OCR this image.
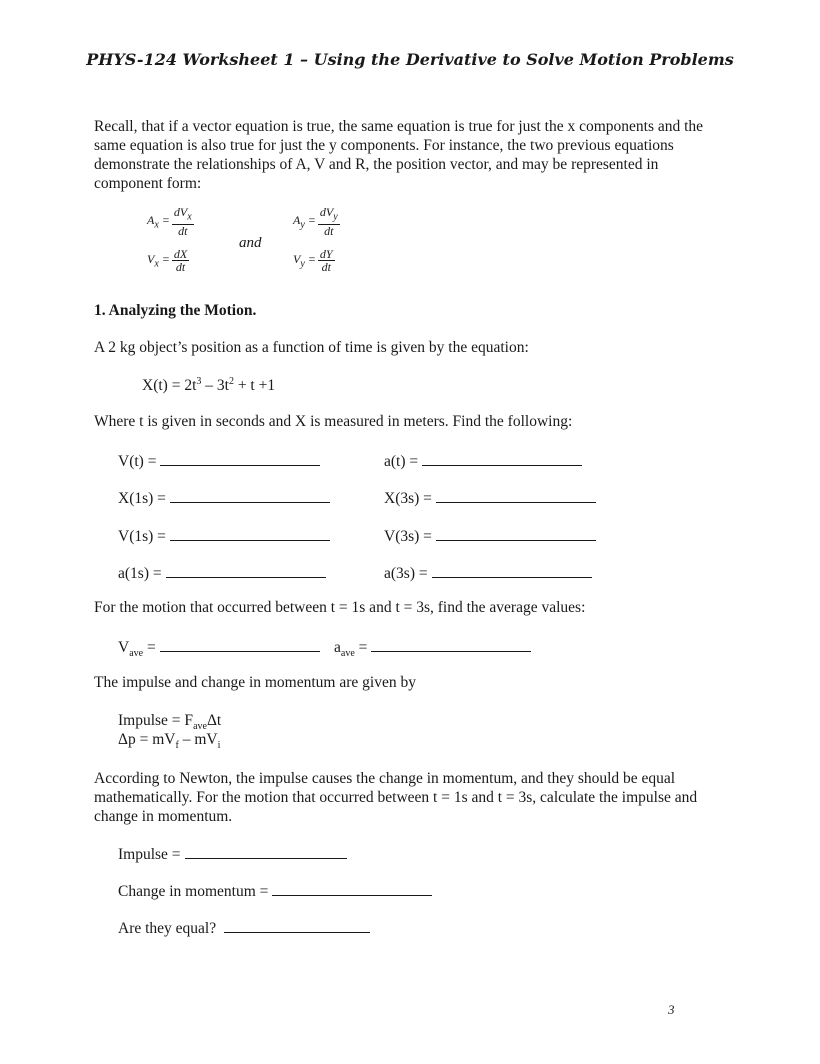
PHYS-124 Worksheet 1 – Using the Derivative to Solve Motion Problems
Recall, that if a vector equation is true, the same equation is true for just the x components and the same equation is also true for just the y components. For instance, the two previous equations demonstrate the relationships of A, V and R, the position vector, and may be represented in component form:
$A_x = \frac{dV_x}{dt}$
$V_x = \frac{dX}{dt}$
and
$A_y = \frac{dV_y}{dt}$
$V_y = \frac{dY}{dt}$
1. Analyzing the Motion.
A 2 kg object’s position as a function of time is given by the equation:
$X(t) = 2t^3 - 3t^2 + t +1$
Where t is given in seconds and X is measured in meters. Find the following:
V(t) =	a(t) =
X(1s) =	X(3s) =
V(1s) =	V(3s) =
a(1s) =	a(3s) =
For the motion that occurred between t = 1s and t = 3s, find the average values:
$V_{ave}$ =	$a_{ave}$ =
The impulse and change in momentum are given by
Impulse = $F_{ave}\Delta t$
$\Delta p = mV_f - mV_i$
According to Newton, the impulse causes the change in momentum, and they should be equal mathematically. For the motion that occurred between t = 1s and t = 3s, calculate the impulse and change in momentum.
Impulse =
Change in momentum =
Are they equal?
3
